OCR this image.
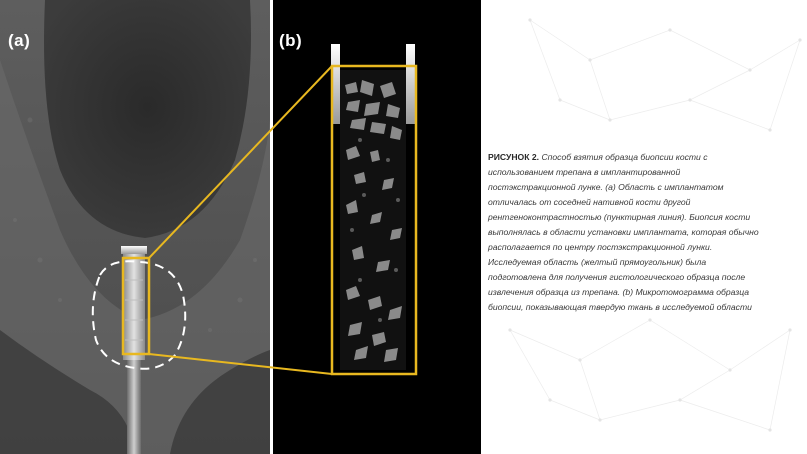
(a)	(b)
РИСУНОК 2. Способ взятия образца биопсии кости с использованием трепана в имплантированной постэкстракционной лунке. (a) Область с имплантатом отличалась от соседней нативной кости другой рентгеноконтрастностью (пунктирная линия). Биопсия кости выполнялась в области установки имплантата, которая обычно располагается по центру постэкстракционной лунки. Исследуемая область (желтый прямоугольник) была подготовлена для получения гистологического образца после извлечения образца из трепана. (b) Микротомограмма образца биопсии, показывающая твердую ткань в исследуемой области
